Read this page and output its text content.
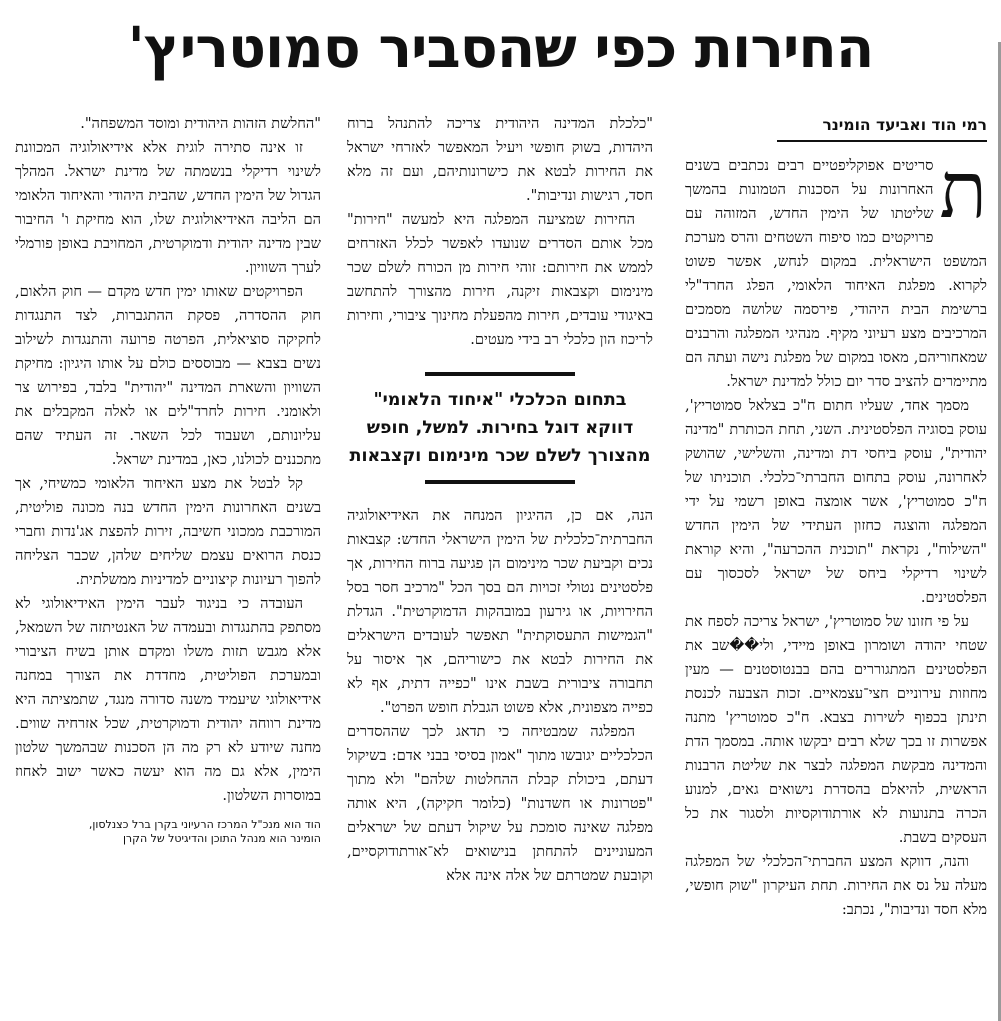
החירות כפי שהסביר סמוטריץ'
רמי הוד ואביעד הומינר

ת
סריטים אפוקליפטיים רבים נכתבים בשנים האחרונות על הסכנות הטמונות בהמשך שליטתו של הימין החדש, המזוהה עם פרויקטים כמו סיפוח השטחים והרס מערכת המשפט הישראלית. במקום לנחש, אפשר פשוט לקרוא. מפלגת האיחוד הלאומי, הפלג החרד"לי ברשימת הבית היהודי, פירסמה שלושה מסמכים המרכיבים מצע רעיוני מקיף. מנהיגי המפלגה והרבנים שמאחוריהם, מאסו במקום של מפלגת נישה ועתה הם מתיימרים להציב סדר יום כולל למדינת ישראל.

מסמך אחד, שעליו חתום ח"כ בצלאל סמוטריץ', עוסק בסוגיה הפלסטינית. השני, תחת הכותרת "מדינה יהודית", עוסק ביחסי דת ומדינה, והשלישי, שהושק לאחרונה, עוסק בתחום החברתי־כלכלי. תוכניתו של ח"כ סמוטריץ', אשר אומצה באופן רשמי על ידי המפלגה והוצגה כחזון העתידי של הימין החדש "השילוח", נקראת "תוכנית ההכרעה", והיא קוראת לשינוי רדיקלי ביחס של ישראל לסכסוך עם הפלסטינים.

על פי חזונו של סמוטריץ', ישראל צריכה לספח את שטחי יהודה ושומרון באופן מיידי, ולי��שב את הפלסטינים המתגוררים בהם בבנטוסטנים — מעין מחוזות עירוניים חצי־עצמאיים. זכות הצבעה לכנסת תינתן בכפוף לשירות בצבא. ח"כ סמוטריץ' מתנה אפשרות זו בכך שלא רבים יבקשו אותה. במסמך הדת והמדינה מבקשת המפלגה לבצר את שליטת הרבנות הראשית, להיאלם בהסדרת נישואים גאים, למנוע הכרה בתנועות לא אורתודוקסיות ולסגור את כל העסקים בשבת.

והנה, דווקא המצע החברתי־הכלכלי של המפלגה מעלה על נס את החירות. תחת העיקרון "שוק חופשי, מלא חסד ונדיבות", נכתב:

"כלכלת המדינה היהודית צריכה להתנהל ברוח היהדות, בשוק חופשי ויעיל המאפשר לאזרחי ישראל את החירות לבטא את כישרונותיהם, ועם זה מלא חסד, רגישות ונדיבות".

החירות שמציעה המפלגה היא למעשה "חירות" מכל אותם הסדרים שנועדו לאפשר לכלל האזרחים לממש את חירותם: זוהי חירות מן הכורח לשלם שכר מינימום וקצבאות זיקנה, חירות מהצורך להתחשב באיגודי עובדים, חירות מהפעלת מחינוך ציבורי, וחירות לריכוז הון כלכלי רב בידי מעטים.

בתחום הכלכלי "איחוד הלאומי" דווקא דוגל בחירות. למשל, חופש מהצורך לשלם שכר מינימום וקצבאות

הנה, אם כן, ההיגיון המנחה את האידיאולוגיה החברתית־כלכלית של הימין הישראלי החדש: קצבאות נכים וקביעת שכר מינימום הן פגיעה ברוח החירות, אך פלסטינים נטולי זכויות הם בסך הכל "מרכיב חסר בסל החירויות, או גירעון במובהקות הדמוקרטית". הגדלת "הגמישות התעסוקתית" תאפשר לעובדים הישראלים את החירות לבטא את כישוריהם, אך איסור על תחבורה ציבורית בשבת אינו "כפייה דתית, אף לא כפייה מצפונית, אלא פשוט הגבלת חופש הפרט".

המפלגה שמבטיחה כי תדאג לכך שההסדרים הכלכליים יגובשו מתוך "אמון בסיסי בבני אדם: בשיקול דעתם, ביכולת קבלת ההחלטות שלהם" ולא מתוך "פטרונות או חשדנות" (כלומר חקיקה), היא אותה מפלגה שאינה סומכת על שיקול דעתם של ישראלים המעוניינים להתחתן בנישואים לא־אורתודוקסיים, וקובעת שמטרתם של אלה אינה אלא

"החלשת הזהות היהודית ומוסד המשפחה".

זו אינה סתירה לוגית אלא אידיאולוגיה המכוונת לשינוי רדיקלי בנשמתה של מדינת ישראל. המהלך הגדול של הימין החדש, שהבית היהודי והאיחוד הלאומי הם הליבה האידיאולוגית שלו, הוא מחיקת ו' החיבור שבין מדינה יהודית ודמוקרטית, המחויבת באופן פורמלי לערך השוויון.

הפרויקטים שאותו ימין חדש מקדם — חוק הלאום, חוק ההסדרה, פסקת ההתגברות, לצד התנגדות לחקיקה סוציאלית, הפרטה פרועה והתנגדות לשילוב נשים בצבא — מבוססים כולם על אותו היגיון: מחיקת השוויון והשארת המדינה "יהודית" בלבד, בפירוש צר ולאומני. חירות לחרד"לים או לאלה המקבלים את עליונותם, ושעבוד לכל השאר. זה העתיד שהם מתכננים לכולנו, כאן, במדינת ישראל.

קל לבטל את מצע האיחוד הלאומי כמשיחי, אך בשנים האחרונות הימין החדש בנה מכונה פוליטית, המורכבת ממכוני חשיבה, זירות להפצת אג'נדות וחברי כנסת הרואים עצמם שליחים שלהן, שכבר הצליחה להפוך רעיונות קיצוניים למדיניות ממשלתית.

העובדה כי בניגוד לעבר הימין האידיאולוגי לא מסתפק בהתנגדות ובעמדה של האנטיתזה של השמאל, אלא מגבש תזות משלו ומקדם אותן בשיח הציבורי ובמערכת הפוליטית, מחדדת את הצורך במחנה אידיאולוגי שיעמיד משנה סדורה מנגד, שתמציתה היא מדינת רווחה יהודית ודמוקרטית, שכל אזרחיה שווים. מחנה שיודע לא רק מה הן הסכנות שבהמשך שלטון הימין, אלא גם מה הוא יעשה כאשר ישוב לאחוז במוסרות השלטון.

הוד הוא מנכ"ל המרכז הרעיוני בקרן ברל כצנלסון,
הומינר הוא מנהל התוכן והדיגיטל של הקרן
